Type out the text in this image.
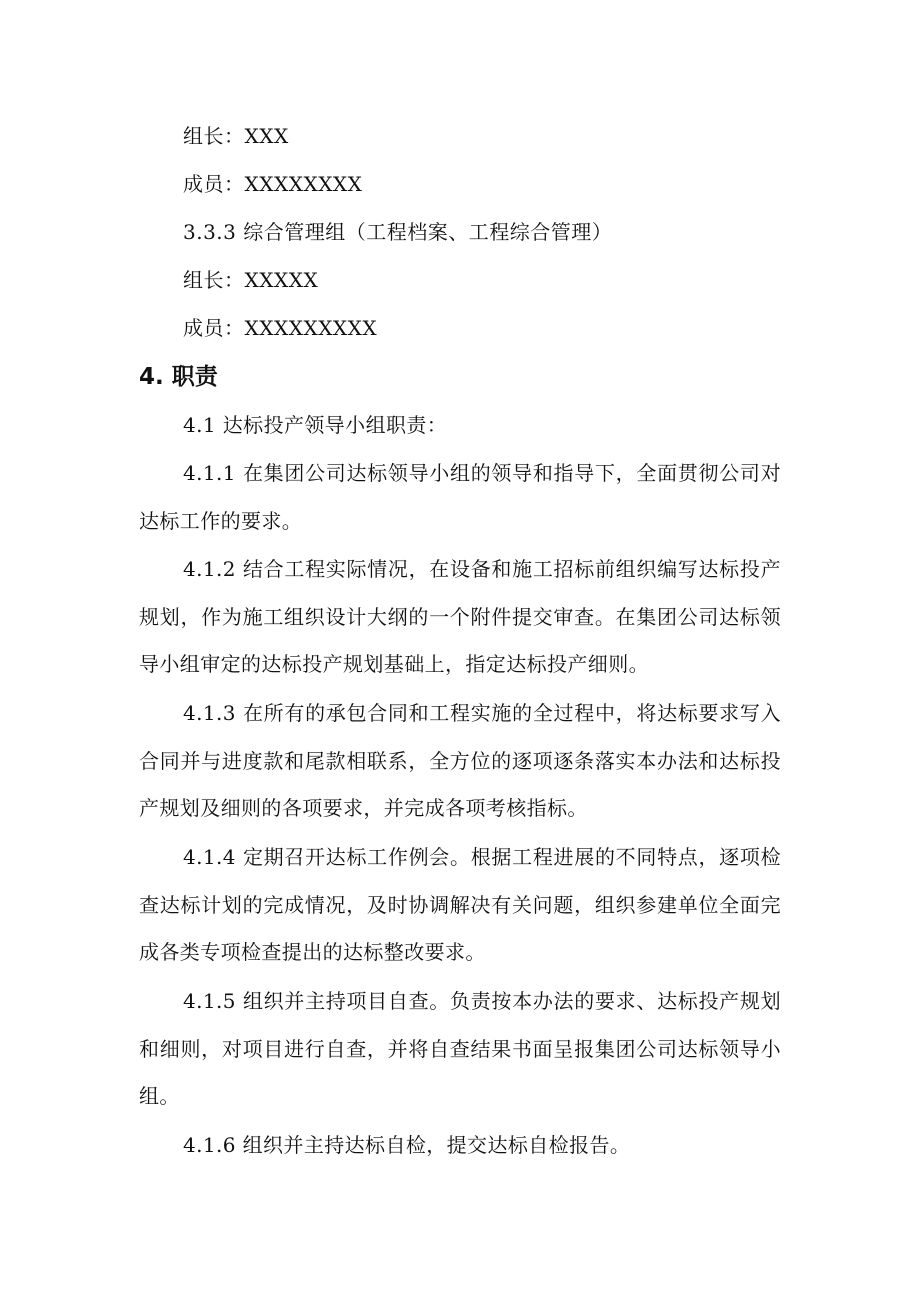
组长：XXX
成员：XXXXXXXX
3.3.3 综合管理组（工程档案、工程综合管理）
组长：XXXXX
成员：XXXXXXXXX
4. 职责
4.1 达标投产领导小组职责：
4.1.1 在集团公司达标领导小组的领导和指导下，全面贯彻公司对达标工作的要求。
4.1.2 结合工程实际情况，在设备和施工招标前组织编写达标投产规划，作为施工组织设计大纲的一个附件提交审查。在集团公司达标领导小组审定的达标投产规划基础上，指定达标投产细则。
4.1.3 在所有的承包合同和工程实施的全过程中，将达标要求写入合同并与进度款和尾款相联系，全方位的逐项逐条落实本办法和达标投产规划及细则的各项要求，并完成各项考核指标。
4.1.4 定期召开达标工作例会。根据工程进展的不同特点，逐项检查达标计划的完成情况，及时协调解决有关问题，组织参建单位全面完成各类专项检查提出的达标整改要求。
4.1.5 组织并主持项目自查。负责按本办法的要求、达标投产规划和细则，对项目进行自查，并将自查结果书面呈报集团公司达标领导小组。
4.1.6 组织并主持达标自检，提交达标自检报告。
